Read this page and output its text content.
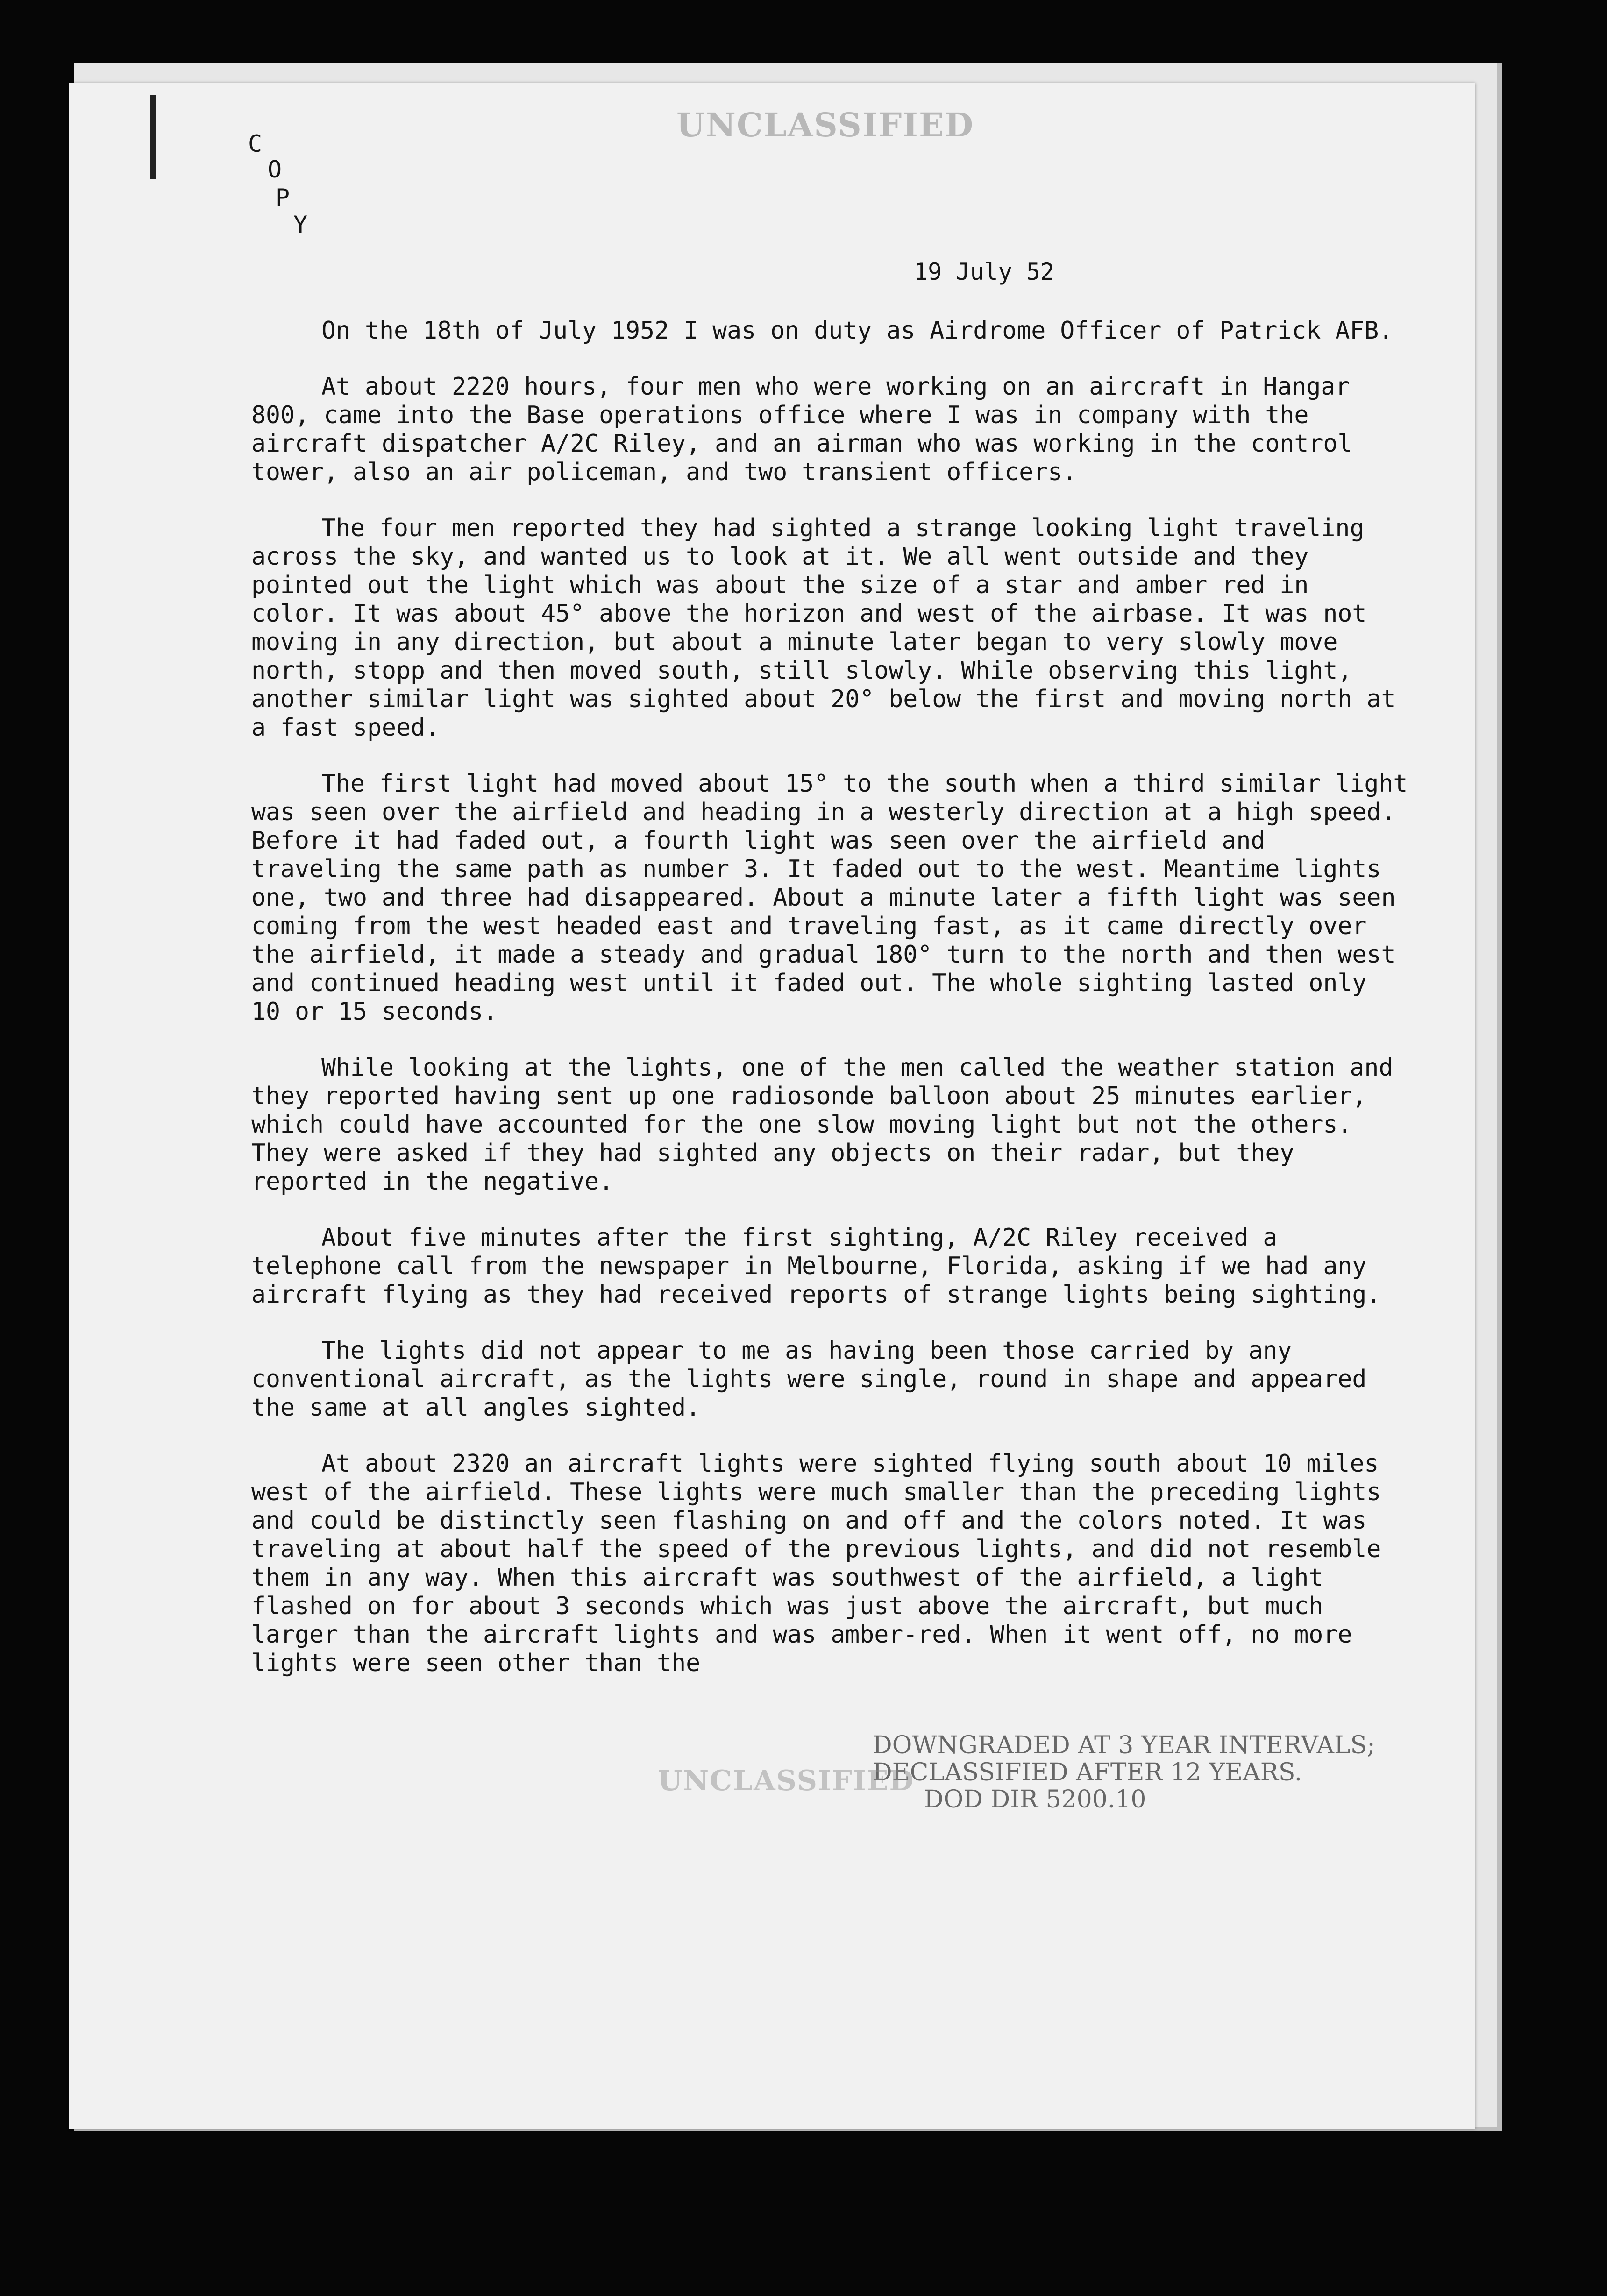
C
O
P
Y
UNCLASSIFIED
19 July 52

On the 18th of July 1952 I was on duty as Airdrome Officer of Patrick AFB.

At about 2220 hours, four men who were working on an aircraft in Hangar 800, came into the Base operations office where I was in company with the aircraft dispatcher A/2C Riley, and an airman who was working in the control tower, also an air policeman, and two transient officers.

The four men reported they had sighted a strange looking light traveling across the sky, and wanted us to look at it. We all went outside and they pointed out the light which was about the size of a star and amber red in color. It was about 45° above the horizon and west of the airbase. It was not moving in any direction, but about a minute later began to very slowly move north, stopp and then moved south, still slowly. While observing this light, another similar light was sighted about 20° below the first and moving north at a fast speed.

The first light had moved about 15° to the south when a third similar light was seen over the airfield and heading in a westerly direction at a high speed. Before it had faded out, a fourth light was seen over the airfield and traveling the same path as number 3. It faded out to the west. Meantime lights one, two and three had disappeared. About a minute later a fifth light was seen coming from the west headed east and traveling fast, as it came directly over the airfield, it made a steady and gradual 180° turn to the north and then west and continued heading west until it faded out. The whole sighting lasted only 10 or 15 seconds.

While looking at the lights, one of the men called the weather station and they reported having sent up one radiosonde balloon about 25 minutes earlier, which could have accounted for the one slow moving light but not the others. They were asked if they had sighted any objects on their radar, but they reported in the negative.

About five minutes after the first sighting, A/2C Riley received a telephone call from the newspaper in Melbourne, Florida, asking if we had any aircraft flying as they had received reports of strange lights being sighting.

The lights did not appear to me as having been those carried by any conventional aircraft, as the lights were single, round in shape and appeared the same at all angles sighted.

At about 2320 an aircraft lights were sighted flying south about 10 miles west of the airfield. These lights were much smaller than the preceding lights and could be distinctly seen flashing on and off and the colors noted. It was traveling at about half the speed of the previous lights, and did not resemble them in any way. When this aircraft was southwest of the airfield, a light flashed on for about 3 seconds which was just above the aircraft, but much larger than the aircraft lights and was amber-red. When it went off, no more lights were seen other than the

DOWNGRADED AT 3 YEAR INTERVALS;
DECLASSIFIED AFTER 12 YEARS.
DOD DIR 5200.10
UNCLASSIFIED
